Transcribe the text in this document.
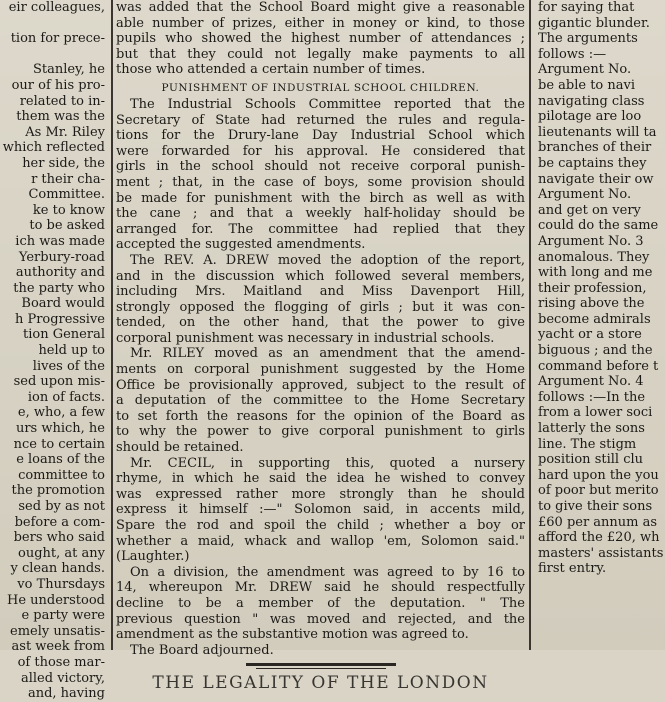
eir colleagues,
tion for prece-
Stanley, he
our of his pro-
related to in-
them was the
As Mr. Riley
which reflected
her side, the
r their cha-
Committee.
ke to know
to be asked
ich was made
Yerbury-road
authority and
the party who
Board would
h Progressive
tion General
held up to
lives of the
sed upon mis-
ion of facts.
e, who, a few
urs which, he
nce to certain
e loans of the
committee to
the promotion
sed by as not
before a com-
bers who said
ought, at any
y clean hands.
vo Thursdays
He understood
e party were
emely unsatis-
ast week from
of those mar-
alled victory,
and, having
was added that the School Board might give a reasonable
able number of prizes, either in money or kind, to those
pupils who showed the highest number of attendances ;
but that they could not legally make payments to all
those who attended a certain number of times.
PUNISHMENT OF INDUSTRIAL SCHOOL CHILDREN.
The Industrial Schools Committee reported that the
Secretary of State had returned the rules and regula-
tions for the Drury-lane Day Industrial School which
were forwarded for his approval. He considered that
girls in the school should not receive corporal punish-
ment ; that, in the case of boys, some provision should
be made for punishment with the birch as well as with
the cane ; and that a weekly half-holiday should be
arranged for. The committee had replied that they
accepted the suggested amendments.
The REV. A. DREW moved the adoption of the report,
and in the discussion which followed several members,
including Mrs. Maitland and Miss Davenport Hill,
strongly opposed the flogging of girls ; but it was con-
tended, on the other hand, that the power to give
corporal punishment was necessary in industrial schools.
Mr. RILEY moved as an amendment that the amend-
ments on corporal punishment suggested by the Home
Office be provisionally approved, subject to the result of
a deputation of the committee to the Home Secretary
to set forth the reasons for the opinion of the Board as
to why the power to give corporal punishment to girls
should be retained.
Mr. CECIL, in supporting this, quoted a nursery
rhyme, in which he said the idea he wished to convey
was expressed rather more strongly than he should
express it himself :—" Solomon said, in accents mild,
Spare the rod and spoil the child ; whether a boy or
whether a maid, whack and wallop 'em, Solomon said."
(Laughter.)
On a division, the amendment was agreed to by 16 to
14, whereupon Mr. DREW said he should respectfully
decline to be a member of the deputation. " The
previous question " was moved and rejected, and the
amendment as the substantive motion was agreed to.
The Board adjourned.
THE LEGALITY OF THE LONDON
for saying that
gigantic blunder.
The arguments
follows :—
Argument No.
be able to navi
navigating class
pilotage are loo
lieutenants will ta
branches of their
be captains they
navigate their ow
Argument No.
and get on very
could do the same
Argument No. 3
anomalous. They
with long and me
their profession,
rising above the
become admirals
yacht or a store
biguous ; and the
command before t
Argument No. 4
follows :—In the
from a lower soci
latterly the sons
line. The stigm
position still clu
hard upon the you
of poor but merito
to give their sons
£60 per annum as
afford the £20, wh
masters' assistants
first entry.
